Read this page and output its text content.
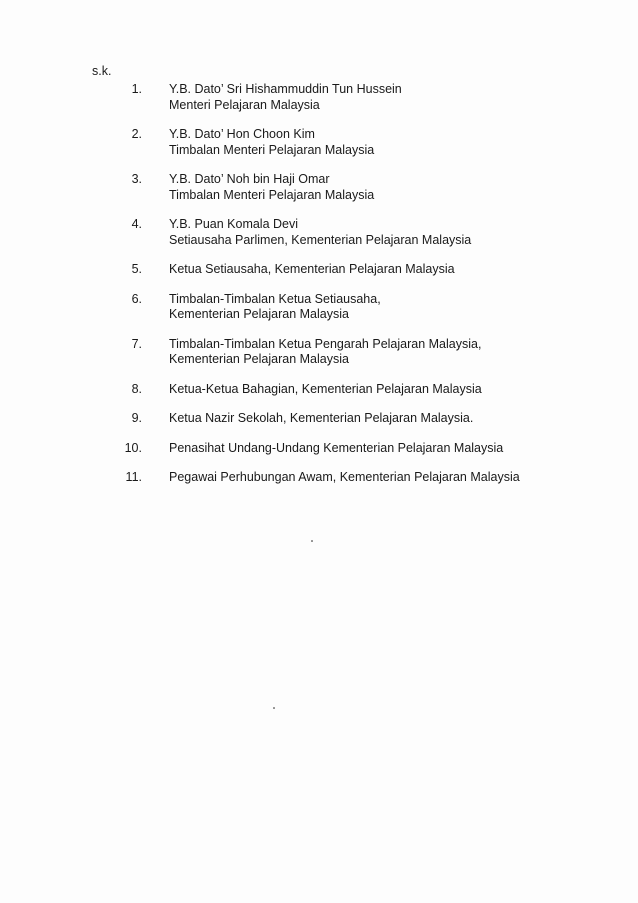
s.k.
1. Y.B. Dato’ Sri Hishammuddin Tun Hussein
Menteri Pelajaran Malaysia
2. Y.B. Dato’ Hon Choon Kim
Timbalan Menteri Pelajaran Malaysia
3. Y.B. Dato’ Noh bin Haji Omar
Timbalan Menteri Pelajaran Malaysia
4. Y.B. Puan Komala Devi
Setiausaha Parlimen, Kementerian Pelajaran Malaysia
5. Ketua Setiausaha, Kementerian Pelajaran Malaysia
6. Timbalan-Timbalan Ketua Setiausaha,
Kementerian Pelajaran Malaysia
7. Timbalan-Timbalan Ketua Pengarah Pelajaran Malaysia,
Kementerian Pelajaran Malaysia
8. Ketua-Ketua Bahagian, Kementerian Pelajaran Malaysia
9. Ketua Nazir Sekolah, Kementerian Pelajaran Malaysia.
10. Penasihat Undang-Undang Kementerian Pelajaran Malaysia
11. Pegawai Perhubungan Awam, Kementerian Pelajaran Malaysia
